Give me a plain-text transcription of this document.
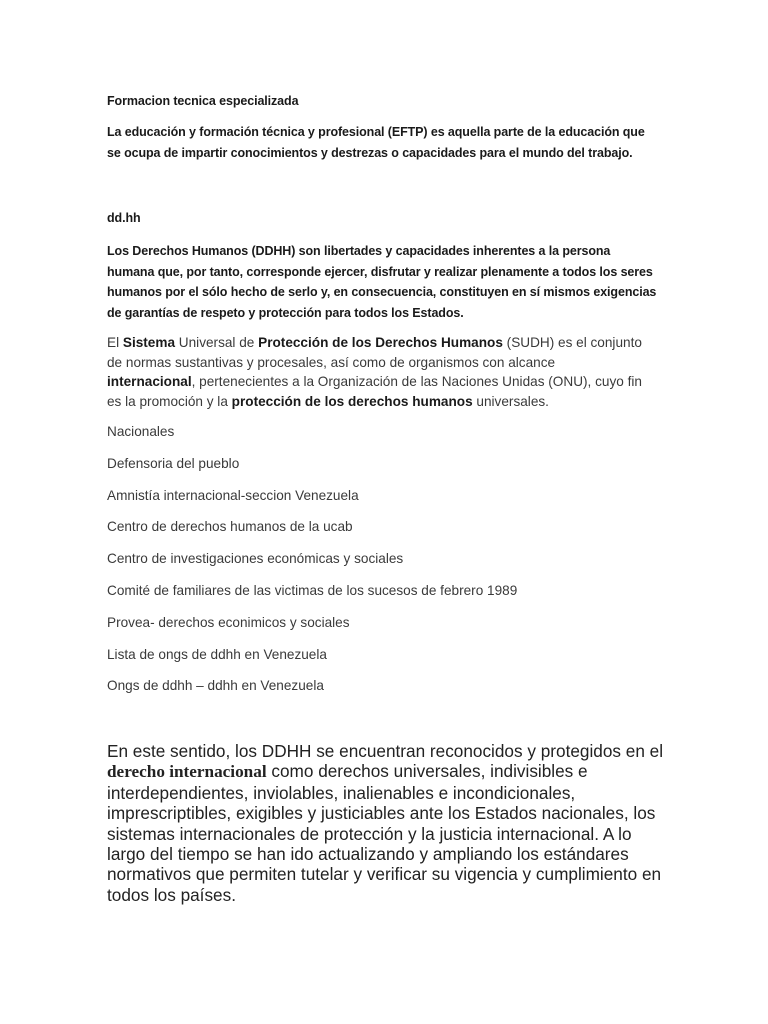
Formacion tecnica especializada

La educación y formación técnica y profesional (EFTP) es aquella parte de la educación que se ocupa de impartir conocimientos y destrezas o capacidades para el mundo del trabajo.

dd.hh

Los Derechos Humanos (DDHH) son libertades y capacidades inherentes a la persona humana que, por tanto, corresponde ejercer, disfrutar y realizar plenamente a todos los seres humanos por el sólo hecho de serlo y, en consecuencia, constituyen en sí mismos exigencias de garantías de respeto y protección para todos los Estados.

El Sistema Universal de Protección de los Derechos Humanos (SUDH) es el conjunto de normas sustantivas y procesales, así como de organismos con alcance internacional, pertenecientes a la Organización de las Naciones Unidas (ONU), cuyo fin es la promoción y la protección de los derechos humanos universales.

Nacionales
Defensoria del pueblo
Amnistía internacional-seccion Venezuela
Centro de derechos humanos de la ucab
Centro de investigaciones económicas y sociales
Comité de familiares de las victimas de los sucesos de febrero 1989
Provea- derechos econimicos y sociales
Lista de ongs de ddhh en Venezuela
Ongs de ddhh – ddhh en Venezuela

En este sentido, los DDHH se encuentran reconocidos y protegidos en el derecho internacional como derechos universales, indivisibles e interdependientes, inviolables, inalienables e incondicionales, imprescriptibles, exigibles y justiciables ante los Estados nacionales, los sistemas internacionales de protección y la justicia internacional. A lo largo del tiempo se han ido actualizando y ampliando los estándares normativos que permiten tutelar y verificar su vigencia y cumplimiento en todos los países.
